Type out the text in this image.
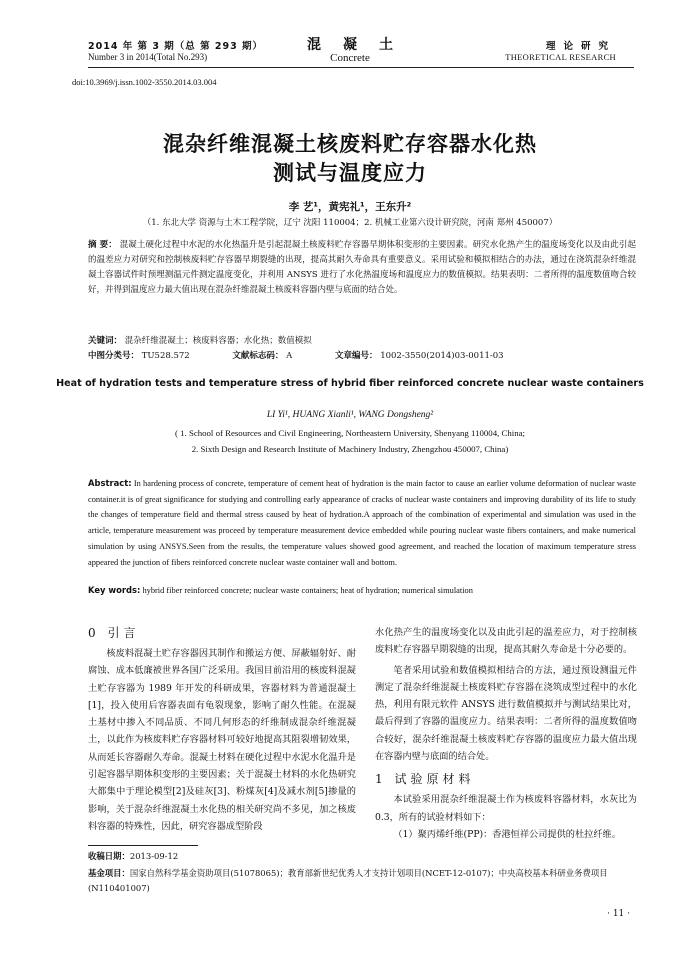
2014 年 第 3 期（总 第 293 期）
Number 3 in 2014(Total No.293)
混凝土
Concrete
理论研究
THEORETICAL RESEARCH
doi:10.3969/j.issn.1002-3550.2014.03.004
混杂纤维混凝土核废料贮存容器水化热
测试与温度应力
李 艺¹，黄宪礼¹，王东升²
（1. 东北大学 资源与土木工程学院，辽宁 沈阳 110004；2. 机械工业第六设计研究院，河南 郑州 450007）
摘 要： 混凝土硬化过程中水泥的水化热温升是引起混凝土核废料贮存容器早期体积变形的主要因素。研究水化热产生的温度场变化以及由此引起的温差应力对研究和控制核废料贮存容器早期裂缝的出现，提高其耐久寿命具有重要意义。采用试验和模拟相结合的办法，通过在浇筑混杂纤维混凝土容器试件时预埋测温元件测定温度变化，并利用 ANSYS 进行了水化热温度场和温度应力的数值模拟。结果表明：二者所得的温度数值吻合较好，并得到温度应力最大值出现在混杂纤维混凝土核废料容器内壁与底面的结合处。
关键词： 混杂纤维混凝土；核废料容器；水化热；数值模拟
中图分类号： TU528.572	文献标志码： A	文章编号： 1002-3550(2014)03-0011-03
Heat of hydration tests and temperature stress of hybrid fiber reinforced concrete nuclear waste containers
LI Yi¹, HUANG Xianli¹, WANG Dongsheng²
( 1. School of Resources and Civil Engineering, Northeastern University, Shenyang 110004, China;
2. Sixth Design and Research Institute of Machinery Industry, Zhengzhou 450007, China)
Abstract: In hardening process of concrete, temperature of cement heat of hydration is the main factor to cause an earlier volume deformation of nuclear waste container.it is of great significance for studying and controlling early appearance of cracks of nuclear waste containers and improving durability of its life to study the changes of temperature field and thermal stress caused by heat of hydration.A approach of the combination of experimental and simulation was used in the article, temperature measurement was proceed by temperature measurement device embedded while pouring nuclear waste fibers containers, and make numerical simulation by using ANSYS.Seen from the results, the temperature values showed good agreement, and reached the location of maximum temperature stress appeared the junction of fibers reinforced concrete nuclear waste container wall and bottom.
Key words: hybrid fiber reinforced concrete; nuclear waste containers; heat of hydration; numerical simulation
0 引言

核废料混凝土贮存容器因其制作和搬运方便、屏蔽辐射好、耐腐蚀、成本低廉被世界各国广泛采用。我国目前沿用的核废料混凝土贮存容器为 1989 年开发的科研成果，容器材料为普通混凝土[1]，投入使用后容器表面有龟裂现象，影响了耐久性能。在混凝土基材中掺入不同品质、不同几何形态的纤维制成混杂纤维混凝土，以此作为核废料贮存容器材料可较好地提高其阻裂增韧效果，从而延长容器耐久寿命。混凝土材料在硬化过程中水泥水化温升是引起容器早期体积变形的主要因素；关于混凝土材料的水化热研究大都集中于理论模型[2]及硅灰[3]、粉煤灰[4]及减水剂[5]掺量的影响，关于混杂纤维混凝土水化热的相关研究尚不多见，加之核废料容器的特殊性，因此，研究容器成型阶段

水化热产生的温度场变化以及由此引起的温差应力，对于控制核废料贮存容器早期裂缝的出现，提高其耐久寿命是十分必要的。

笔者采用试验和数值模拟相结合的方法，通过预设测温元件测定了混杂纤维混凝土核废料贮存容器在浇筑成型过程中的水化热，利用有限元软件 ANSYS 进行数值模拟并与测试结果比对，最后得到了容器的温度应力。结果表明：二者所得的温度数值吻合较好，混杂纤维混凝土核废料贮存容器的温度应力最大值出现在容器内壁与底面的结合处。

1 试验原材料

本试验采用混杂纤维混凝土作为核废料容器材料，水灰比为 0.3，所有的试验材料如下：

（1）聚丙烯纤维(PP)：香港恒祥公司提供的杜拉纤维。

收稿日期：2013-09-12
基金项目：国家自然科学基金资助项目(51078065)；教育部新世纪优秀人才支持计划项目(NCET-12-0107)；中央高校基本科研业务费项目(N110401007)
· 11 ·
